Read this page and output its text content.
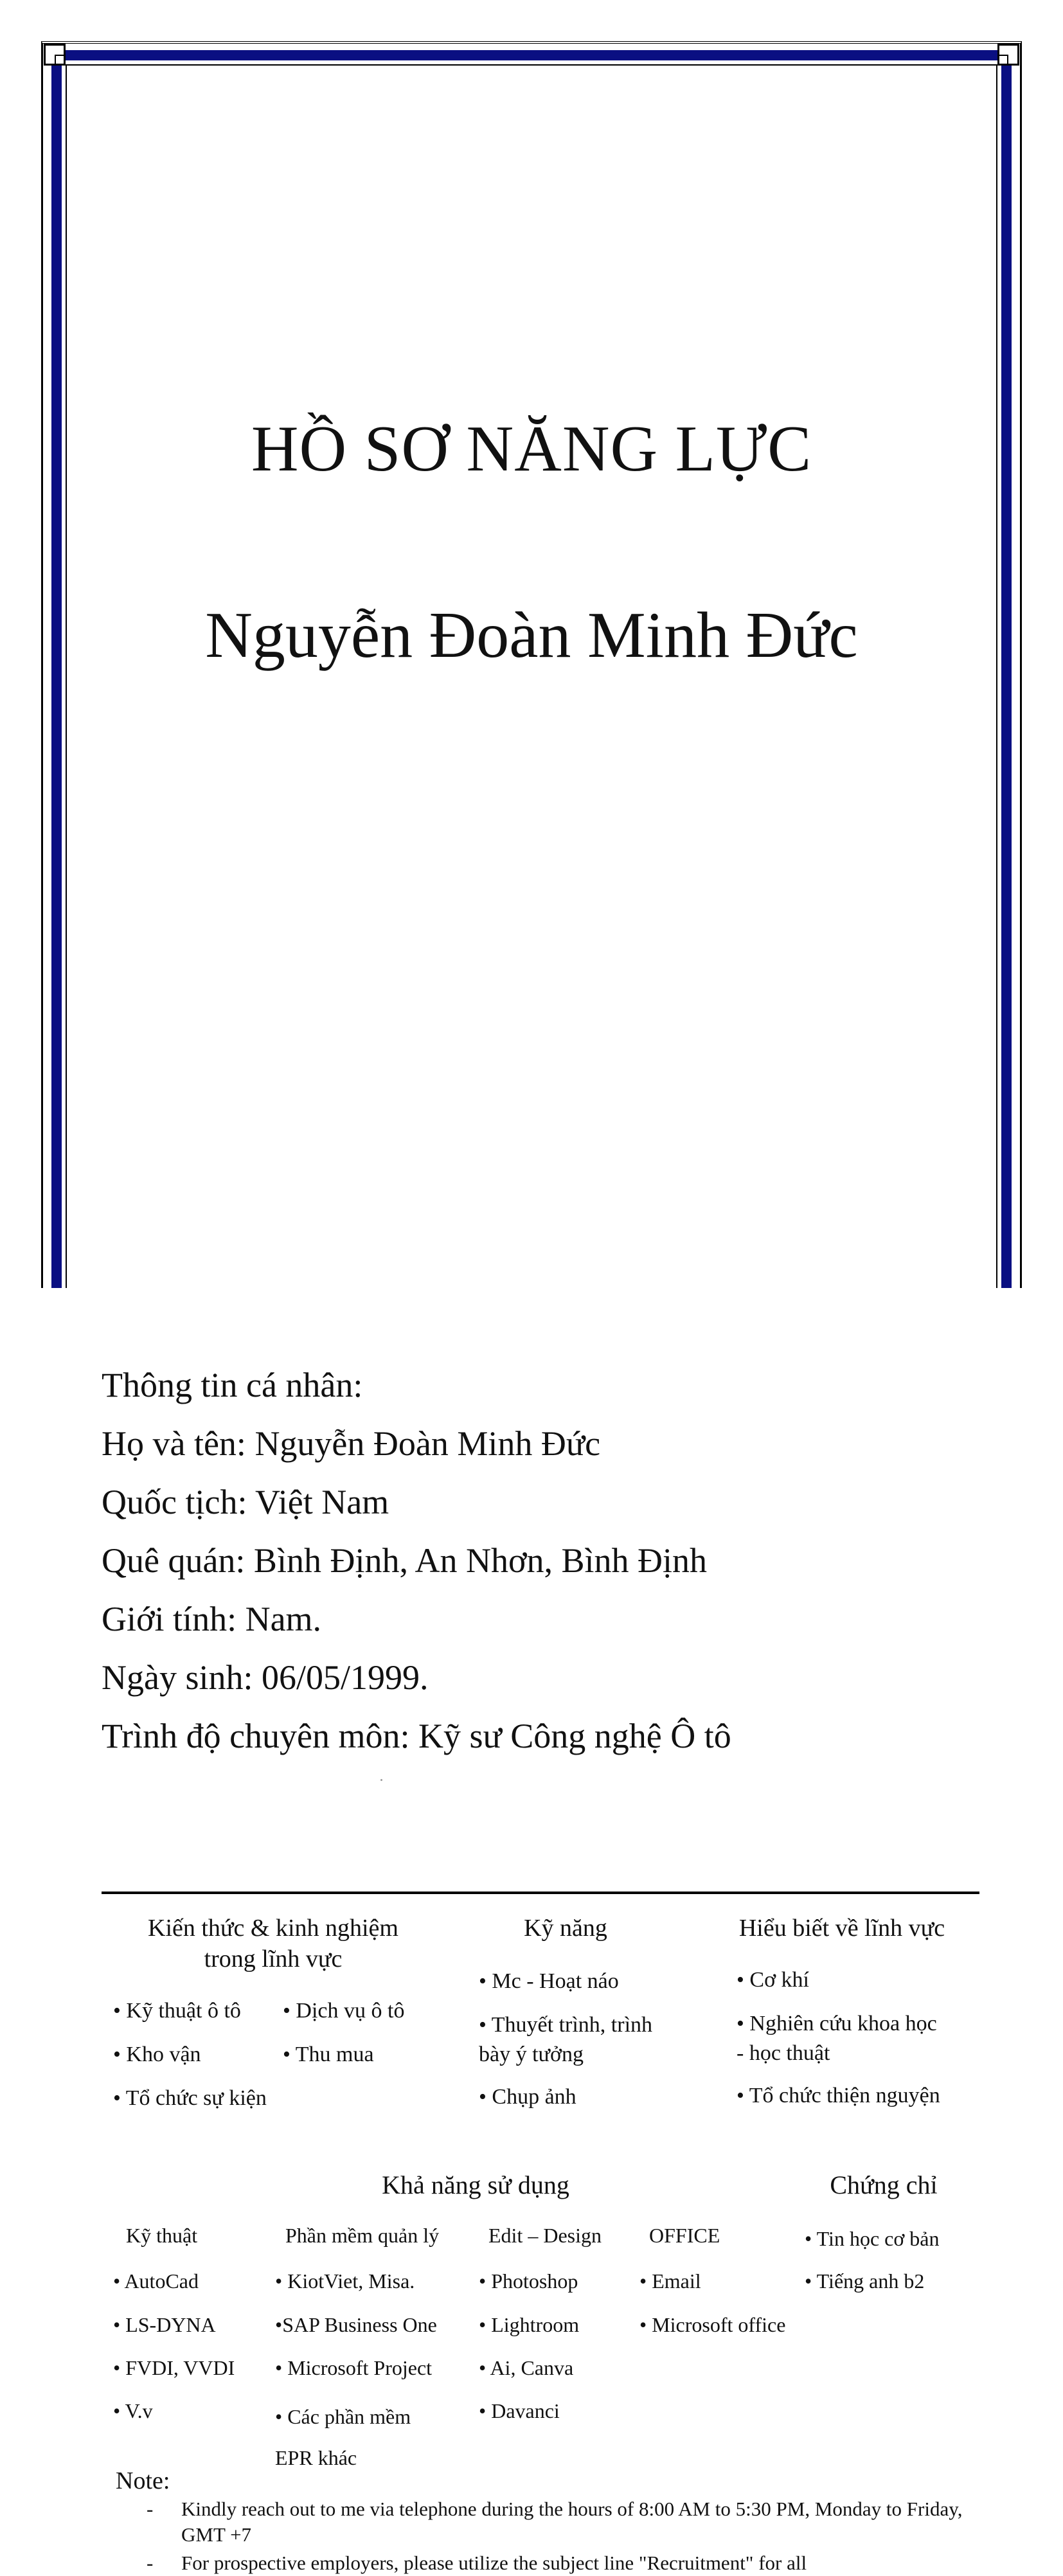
HỒ SƠ NĂNG LỰC
Nguyễn Đoàn Minh Đức
Thông tin cá nhân:
Họ và tên: Nguyễn Đoàn Minh Đức
Quốc tịch: Việt Nam
Quê quán: Bình Định, An Nhơn, Bình Định
Giới tính: Nam.
Ngày sinh: 06/05/1999.
Trình độ chuyên môn: Kỹ sư Công nghệ Ô tô
Kiến thức & kinh nghiệm trong lĩnh vực
• Kỹ thuật ô tô • Dịch vụ ô tô
• Kho vận	• Thu mua
• Tổ chức sự kiện
Kỹ năng
• Mc - Hoạt náo
• Thuyết trình, trình bày ý tưởng
• Chụp ảnh
Hiểu biết về lĩnh vực
• Cơ khí
• Nghiên cứu khoa học - học thuật
• Tổ chức thiện nguyện
Khả năng sử dụng	Chứng chỉ
Kỹ thuật
• AutoCad
• LS-DYNA
• FVDI, VVDI
• V.v
Phần mềm quản lý
• KiotViet, Misa.
•SAP Business One
• Microsoft Project
• Các phần mềm EPR khác
Edit – Design
• Photoshop
• Lightroom
• Ai, Canva
• Davanci
OFFICE
• Email
• Microsoft office
• Tin học cơ bản
• Tiếng anh b2
Note:
- Kindly reach out to me via telephone during the hours of 8:00 AM to 5:30 PM, Monday to Friday, GMT +7
- For prospective employers, please utilize the subject line "Recruitment" for all
